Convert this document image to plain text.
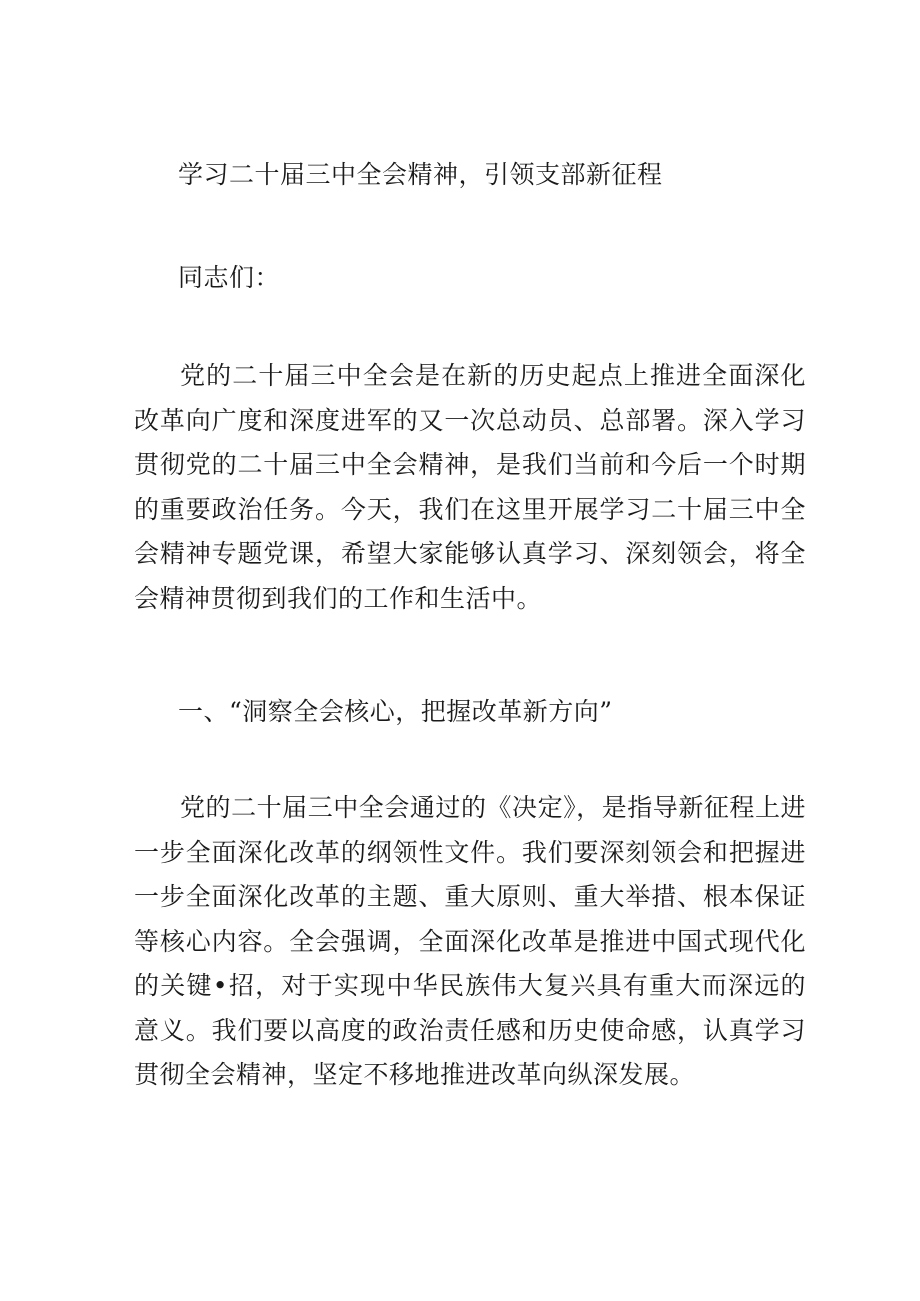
学习二十届三中全会精神，引领支部新征程
同志们：
党的二十届三中全会是在新的历史起点上推进全面深化改革向广度和深度进军的又一次总动员、总部署。深入学习贯彻党的二十届三中全会精神，是我们当前和今后一个时期的重要政治任务。今天，我们在这里开展学习二十届三中全会精神专题党课，希望大家能够认真学习、深刻领会，将全会精神贯彻到我们的工作和生活中。
一、“洞察全会核心，把握改革新方向”
党的二十届三中全会通过的《决定》，是指导新征程上进一步全面深化改革的纲领性文件。我们要深刻领会和把握进一步全面深化改革的主题、重大原则、重大举措、根本保证等核心内容。全会强调，全面深化改革是推进中国式现代化的关键•招，对于实现中华民族伟大复兴具有重大而深远的意义。我们要以高度的政治责任感和历史使命感，认真学习贯彻全会精神，坚定不移地推进改革向纵深发展。
